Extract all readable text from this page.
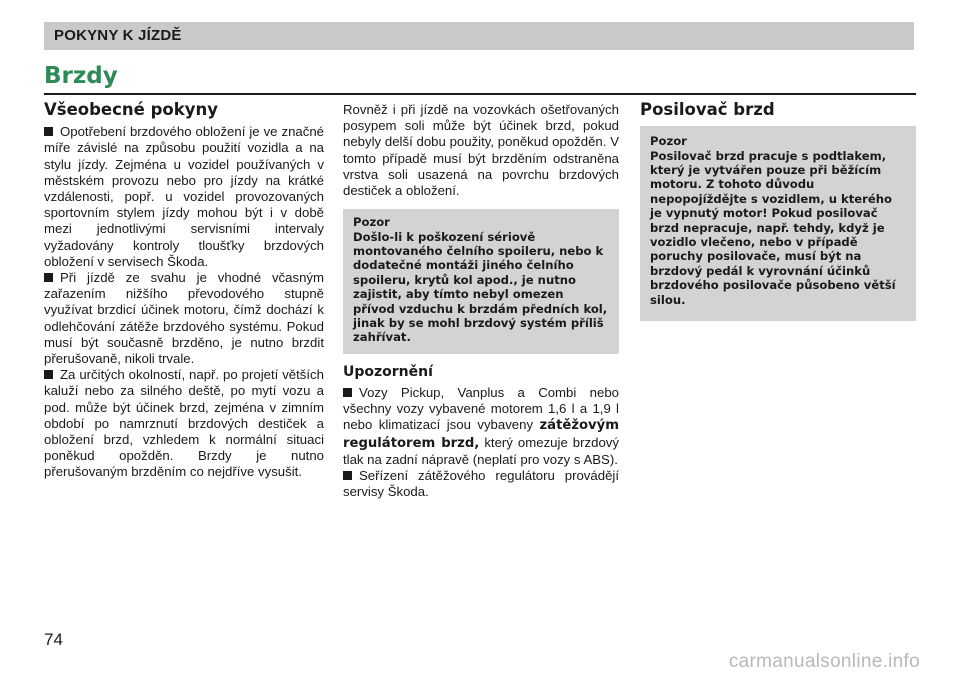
POKYNY K JÍZDĚ
Brzdy
Všeobecné pokyny

Opotřebení brzdového obložení je ve značné míře závislé na způsobu použití vozidla a na stylu jízdy. Zejména u vozidel používaných v městském provozu nebo pro jízdy na krátké vzdálenosti, popř. u vozidel provozovaných sportovním stylem jízdy mohou být i v době mezi jednotlivými servisními intervaly vyžadovány kontroly tloušťky brzdových obložení v servisech Škoda.

Při jízdě ze svahu je vhodné včasným zařazením nižšího převodového stupně využívat brzdicí účinek motoru, čímž dochází k odlehčování zátěže brzdového systému. Pokud musí být současně brzděno, je nutno brzdit přerušovaně, nikoli trvale.

Za určitých okolností, např. po projetí větších kaluží nebo za silného deště, po mytí vozu a pod. může být účinek brzd, zejména v zimním období po namrznutí brzdových destiček a obložení brzd, vzhledem k normální situaci poněkud opožděn. Brzdy je nutno přerušovaným brzděním co nejdříve vysušit.

Rovněž i při jízdě na vozovkách ošetřovaných posypem soli může být účinek brzd, pokud nebyly delší dobu použity, poněkud opožděn. V tomto případě musí být brzděním odstraněna vrstva soli usazená na povrchu brzdových destiček a obložení.

Pozor
Došlo-li k poškození sériově montovaného čelního spoileru, nebo k dodatečné montáži jiného čelního spoileru, krytů kol apod., je nutno zajistit, aby tímto nebyl omezen přívod vzduchu k brzdám předních kol, jinak by se mohl brzdový systém příliš zahřívat.
Upozornění

Vozy Pickup, Vanplus a Combi nebo všechny vozy vybavené motorem 1,6 l a 1,9 l nebo klimatizací jsou vybaveny zátěžovým regulátorem brzd, který omezuje brzdový tlak na zadní nápravě (neplatí pro vozy s ABS).

Seřízení zátěžového regulátoru provádějí servisy Škoda.

Posilovač brzd
Pozor
Posilovač brzd pracuje s podtlakem, který je vytvářen pouze při běžícím motoru. Z tohoto důvodu nepopojíždějte s vozidlem, u kterého je vypnutý motor! Pokud posilovač brzd nepracuje, např. tehdy, když je vozidlo vlečeno, nebo v případě poruchy posilovače, musí být na brzdový pedál k vyrovnání účinků brzdového posilovače působeno větší silou.
74
carmanualsonline.info
